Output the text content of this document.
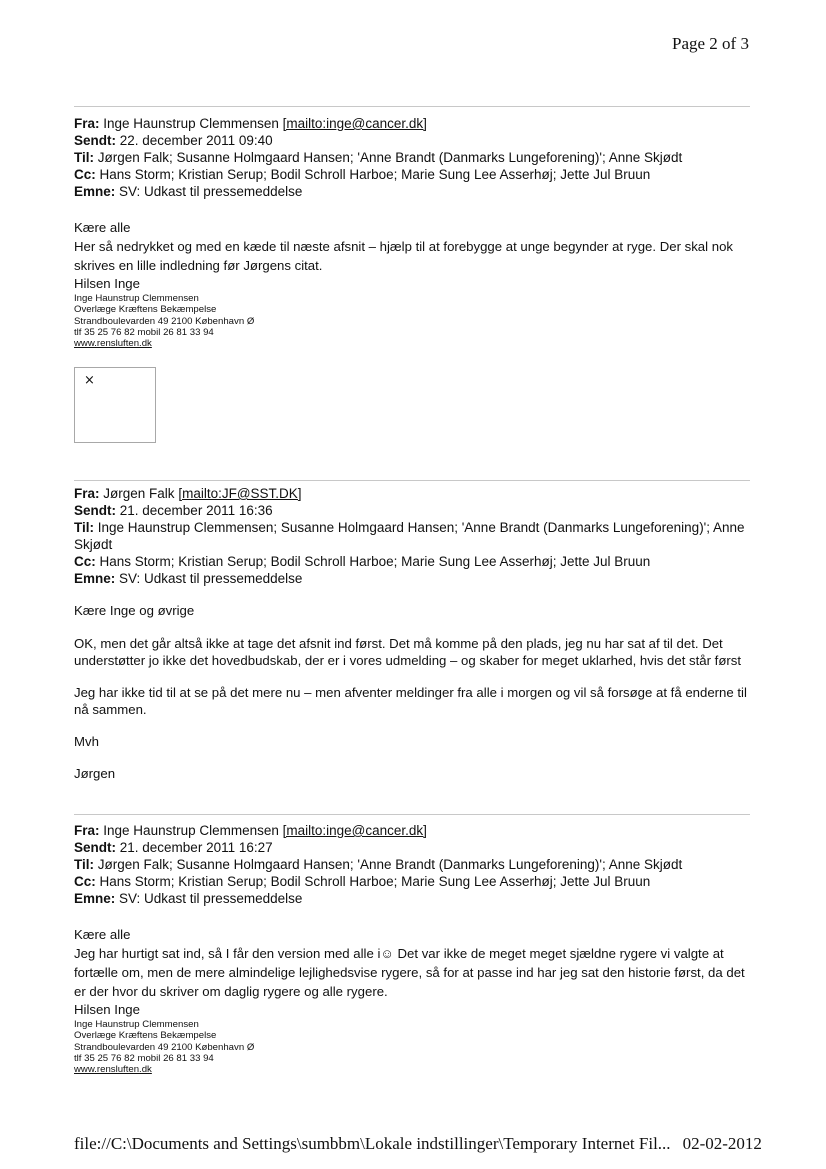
Page 2 of 3
Fra: Inge Haunstrup Clemmensen [mailto:inge@cancer.dk]
Sendt: 22. december 2011 09:40
Til: Jørgen Falk; Susanne Holmgaard Hansen; 'Anne Brandt (Danmarks Lungeforening)'; Anne Skjødt
Cc: Hans Storm; Kristian Serup; Bodil Schroll Harboe; Marie Sung Lee Asserhøj; Jette Jul Bruun
Emne: SV: Udkast til pressemeddelse

Kære alle

Her så nedrykket og med en kæde til næste afsnit – hjælp til at forebygge at unge begynder at ryge. Der skal nok skrives en lille indledning før Jørgens citat.

Hilsen Inge

Inge Haunstrup Clemmensen
Overlæge Kræftens Bekæmpelse
Strandboulevarden 49 2100 København Ø
tlf 35 25 76 82 mobil 26 81 33 94
www.rensluften.dk
×
Fra: Jørgen Falk [mailto:JF@SST.DK]
Sendt: 21. december 2011 16:36
Til: Inge Haunstrup Clemmensen; Susanne Holmgaard Hansen; 'Anne Brandt (Danmarks Lungeforening)'; Anne Skjødt
Cc: Hans Storm; Kristian Serup; Bodil Schroll Harboe; Marie Sung Lee Asserhøj; Jette Jul Bruun
Emne: SV: Udkast til pressemeddelse

Kære Inge og øvrige

OK, men det går altså ikke at tage det afsnit ind først. Det må komme på den plads, jeg nu har sat af til det. Det understøtter jo ikke det hovedbudskab, der er i vores udmelding – og skaber for meget uklarhed, hvis det står først

Jeg har ikke tid til at se på det mere nu – men afventer meldinger fra alle i morgen og vil så forsøge at få enderne til nå sammen.

Mvh

Jørgen

Fra: Inge Haunstrup Clemmensen [mailto:inge@cancer.dk]
Sendt: 21. december 2011 16:27
Til: Jørgen Falk; Susanne Holmgaard Hansen; 'Anne Brandt (Danmarks Lungeforening)'; Anne Skjødt
Cc: Hans Storm; Kristian Serup; Bodil Schroll Harboe; Marie Sung Lee Asserhøj; Jette Jul Bruun
Emne: SV: Udkast til pressemeddelse

Kære alle

Jeg har hurtigt sat ind, så I får den version med alle i☺ Det var ikke de meget meget sjældne rygere vi valgte at fortælle om, men de mere almindelige lejlighedsvise rygere, så for at passe ind har jeg sat den historie først, da det er der hvor du skriver om daglig rygere og alle rygere.

Hilsen Inge

Inge Haunstrup Clemmensen
Overlæge Kræftens Bekæmpelse
Strandboulevarden 49 2100 København Ø
tlf 35 25 76 82 mobil 26 81 33 94
www.rensluften.dk
file://C:\Documents and Settings\sumbbm\Lokale indstillinger\Temporary Internet Fil... 02-02-2012
